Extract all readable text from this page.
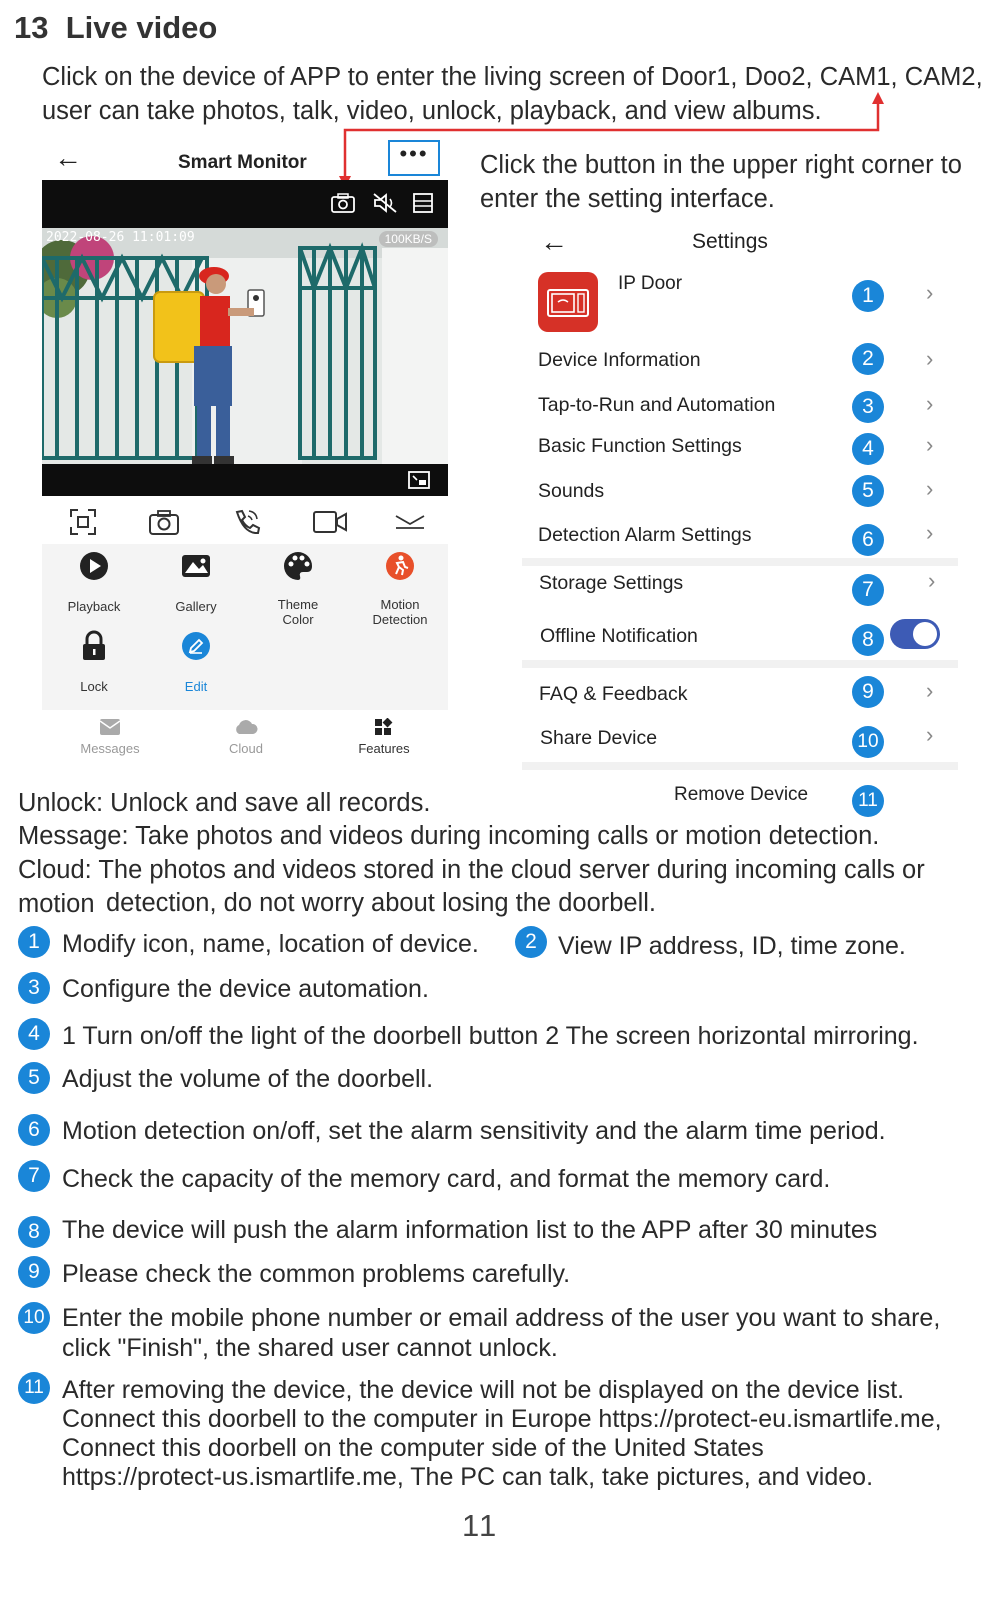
13 Live video
Click on the device of APP to enter the living screen of Door1, Doo2, CAM1, CAM2,
user can take photos, talk, video, unlock, playback, and view albums.
←	Smart Monitor	•••
2022-08-26 11:01:09	100KB/S
Playback	Gallery	Theme
Color
Motion
Detection
Lock	Edit
Messages	Cloud	Features
Click the button in the upper right corner to
enter the setting interface.
←	Settings
IP Door
1	›
Device Information	2	›
Tap-to-Run and Automation	3	›
Basic Function Settings	4	›
Sounds	5	›
Detection Alarm Settings	6	›
Storage Settings	7	›
Offline Notification	8
FAQ & Feedback	9	›
Share Device	10 ›
Remove Device	11
Unlock: Unlock and save all records.
Message: Take photos and videos during incoming calls or motion detection.
Cloud: The photos and videos stored in the cloud server during incoming calls or motion detection, do not worry about losing the doorbell.
1 Modify icon, name, location of device.	2 View IP address, ID, time zone.
3 Configure the device automation.
4 1 Turn on/off the light of the doorbell button 2 The screen horizontal mirroring.
5 Adjust the volume of the doorbell.
6 Motion detection on/off, set the alarm sensitivity and the alarm time period.
7 Check the capacity of the memory card, and format the memory card.
8 The device will push the alarm information list to the APP after 30 minutes
9 Please check the common problems carefully.
10 Enter the mobile phone number or email address of the user you want to share,
click "Finish", the shared user cannot unlock.
11 After removing the device, the device will not be displayed on the device list.
Connect this doorbell to the computer in Europe https://protect-eu.ismartlife.me,
Connect this doorbell on the computer side of the United States
https://protect-us.ismartlife.me, The PC can talk, take pictures, and video.
11
